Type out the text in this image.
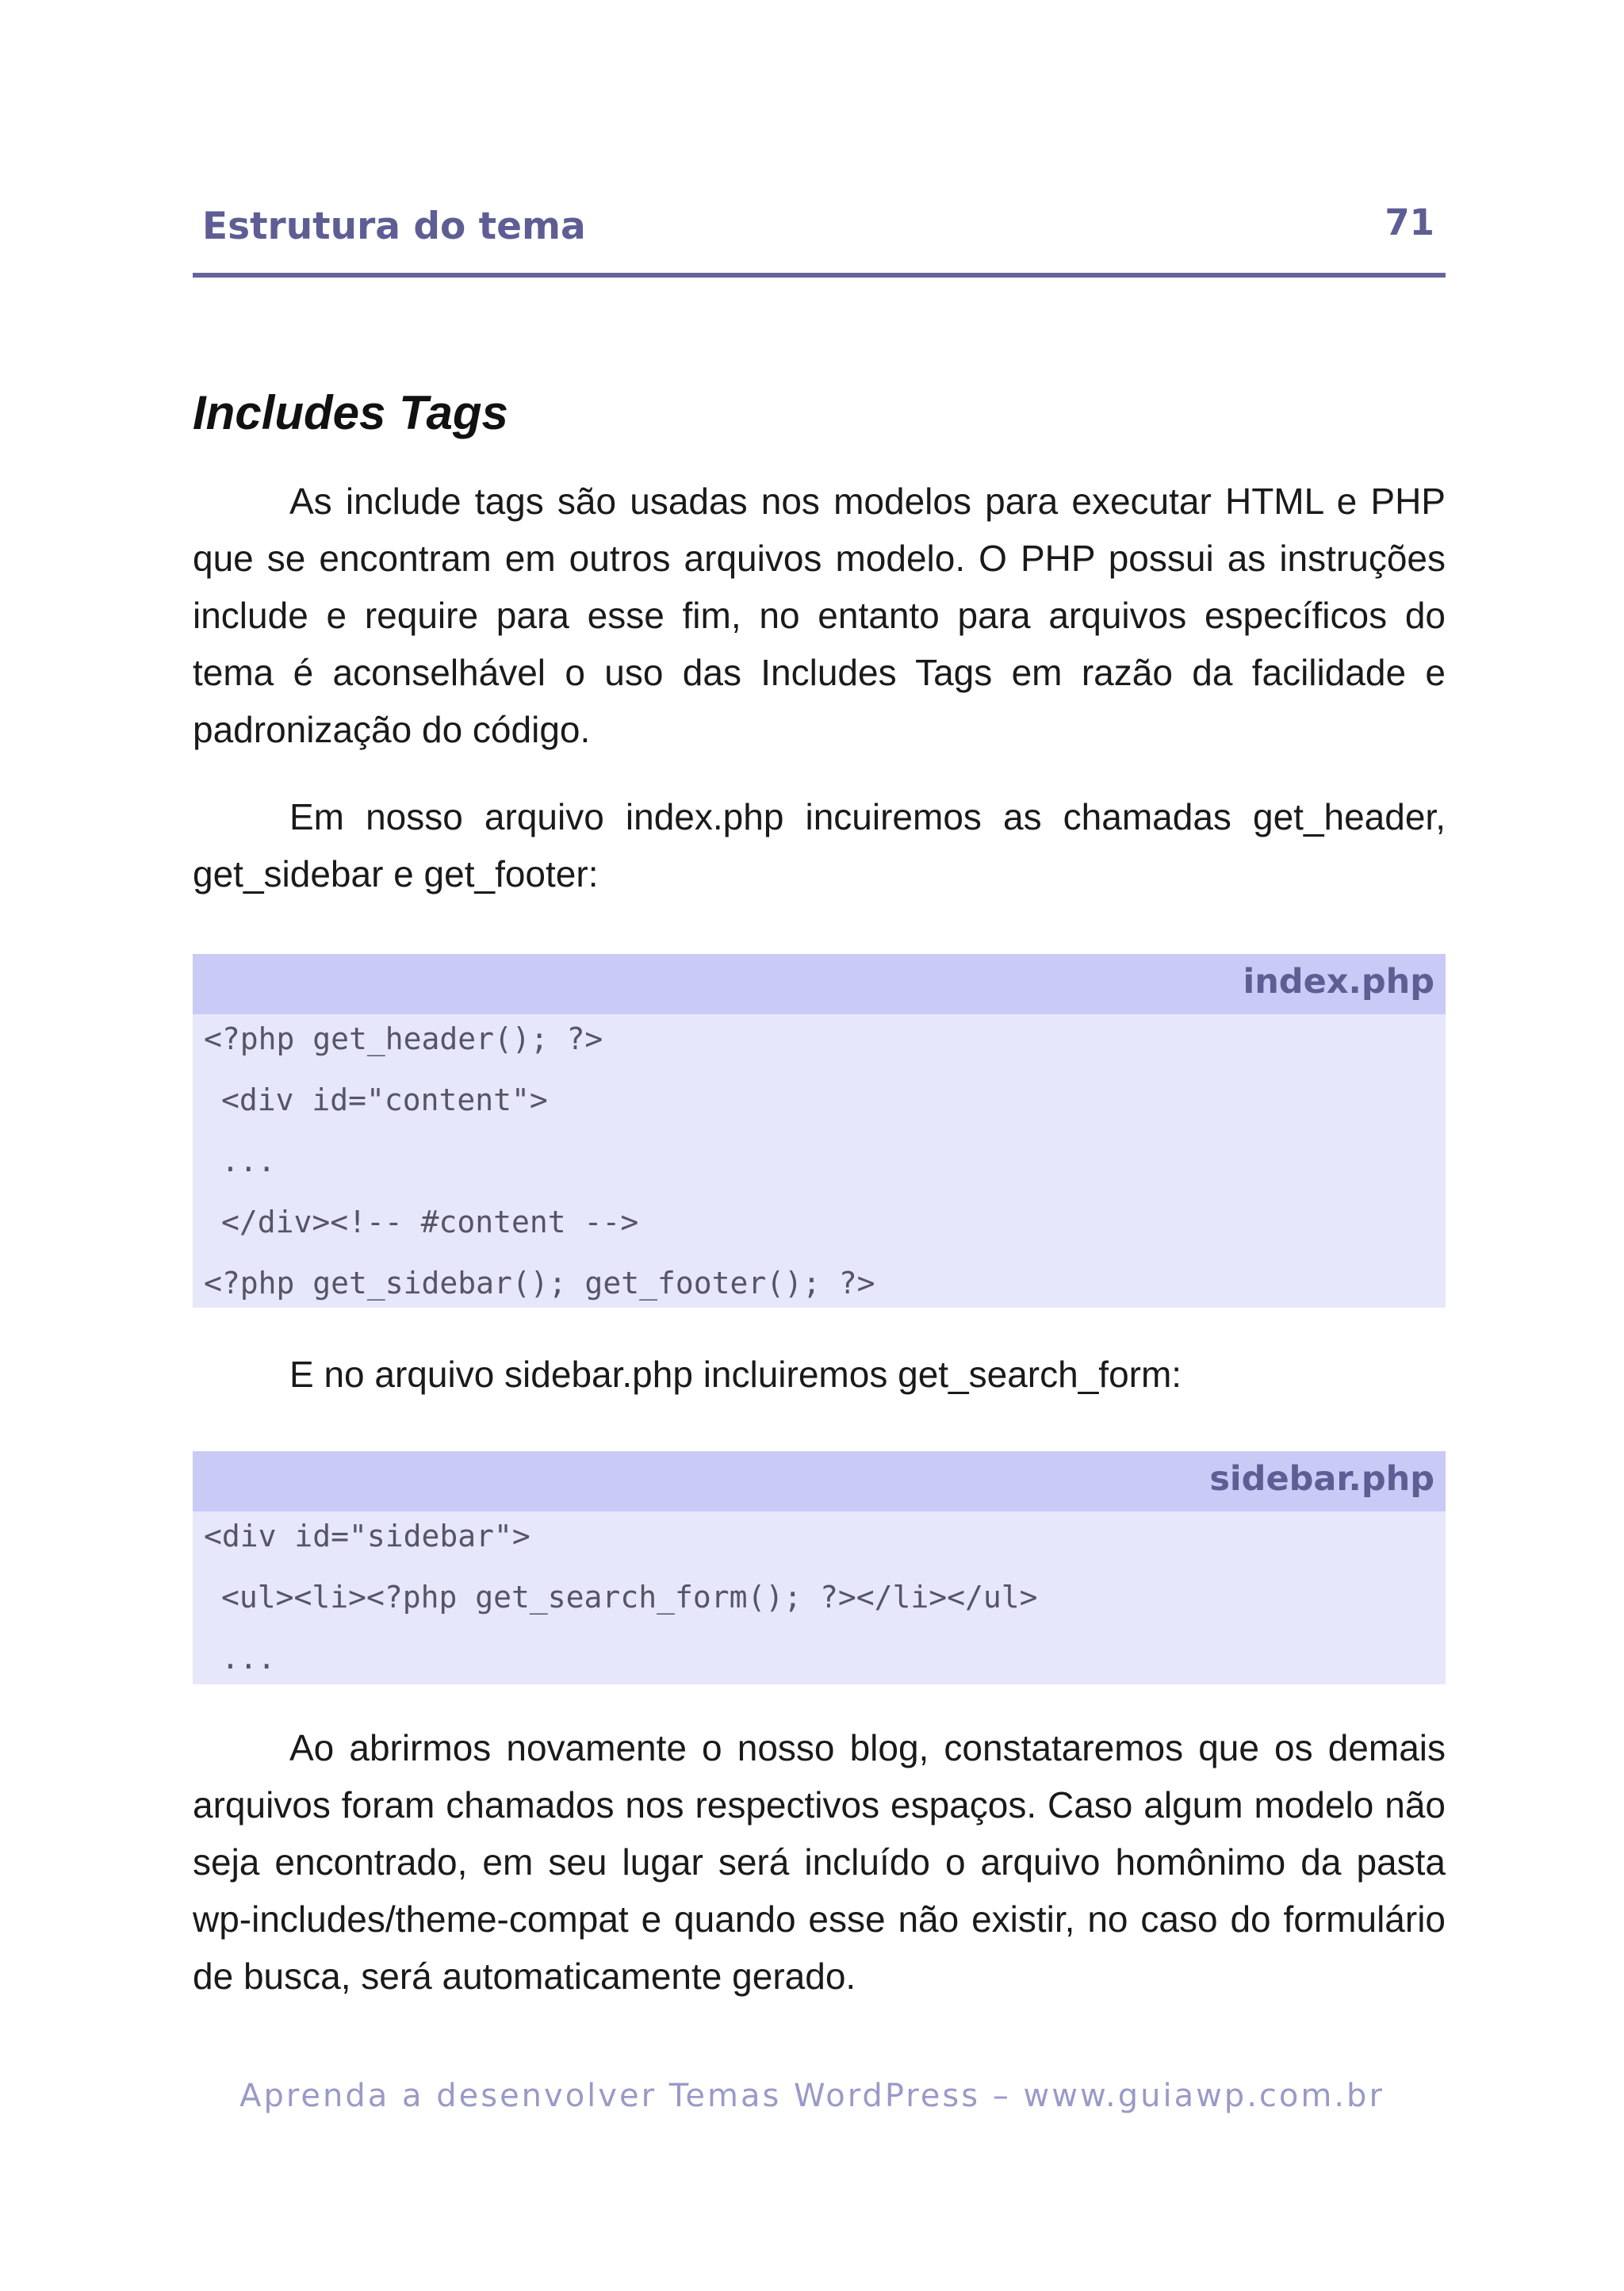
Estrutura do tema	71
Includes Tags

As include tags são usadas nos modelos para executar HTML e PHP que se encontram em outros arquivos modelo. O PHP possui as instruções include e require para esse fim, no entanto para arquivos específicos do tema é aconselhável o uso das Includes Tags em razão da facilidade e padronização do código.

Em nosso arquivo index.php incuiremos as chamadas get_header, get_sidebar e get_footer:

index.php
<?php get_header(); ?>
<div id="content">
...
</div><!-- #content -->
<?php get_sidebar(); get_footer(); ?>

E no arquivo sidebar.php incluiremos get_search_form:

sidebar.php
<div id="sidebar">
<ul><li><?php get_search_form(); ?></li></ul>
...

Ao abrirmos novamente o nosso blog, constataremos que os demais arquivos foram chamados nos respectivos espaços. Caso algum modelo não seja encontrado, em seu lugar será incluído o arquivo homônimo da pasta wp-includes/theme-compat e quando esse não existir, no caso do formulário de busca, será automaticamente gerado.

Aprenda a desenvolver Temas WordPress – www.guiawp.com.br
